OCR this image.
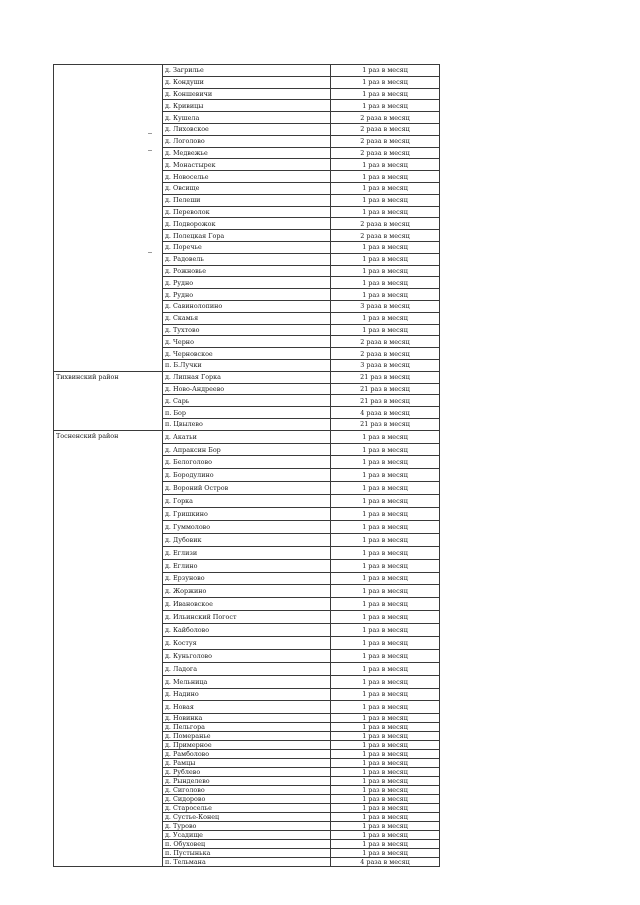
	д. Загрилье	1 раз в месяц
	д. Кондуши	1 раз в месяц
	д. Коншевичи	1 раз в месяц
	д. Кривицы	1 раз в месяц
	д. Кушела	2 раза в месяц
	д. Лиховское	2 раза в месяц
	д. Логолово	2 раза в месяц
	д. Медвежье	2 раза в месяц
	д. Монастырек	1 раз в месяц
	д. Новоселье	1 раз в месяц
	д. Овсище	1 раз в месяц
	д. Пелеши	1 раз в месяц
	д. Переволок	1 раз в месяц
	д. Подворожок	2 раза в месяц
	д. Полецкая Гора	2 раза в месяц
	д. Поречье	1 раз в месяц
	д. Радовель	1 раз в месяц
	д. Рожновье	1 раз в месяц
	д. Рудно	1 раз в месяц
	д. Рудно	1 раз в месяц
	д. Савинолопино	3 раза в месяц
	д. Скамья	1 раз в месяц
	д. Тухтово	1 раз в месяц
	д. Черно	2 раза в месяц
	д. Черновское	2 раза в месяц
	п. Б.Лучки	3 раза в месяц
Тихвинский район	д. Липная Горка	21 раз в месяц
	д. Ново-Андреево	21 раз в месяц
	д. Сарь	21 раз в месяц
	п. Бор	4 раза в месяц
	п. Цвылево	21 раз в месяц
Тосненский район	д. Акатьи	1 раз в месяц
	д. Апраксин Бор	1 раз в месяц
	д. Белоголово	1 раз в месяц
	д. Бородулино	1 раз в месяц
	д. Вороний Остров	1 раз в месяц
	д. Горка	1 раз в месяц
	д. Гришкино	1 раз в месяц
	д. Гуммолово	1 раз в месяц
	д. Дубовик	1 раз в месяц
	д. Еглизи	1 раз в месяц
	д. Еглино	1 раз в месяц
	д. Ерзуново	1 раз в месяц
	д. Жоржино	1 раз в месяц
	д. Ивановское	1 раз в месяц
	д. Ильинский Погост	1 раз в месяц
	д. Кайболово	1 раз в месяц
	д. Костуя	1 раз в месяц
	д. Куньголово	1 раз в месяц
	д. Ладога	1 раз в месяц
	д. Мельница	1 раз в месяц
	д. Надино	1 раз в месяц
	д. Новая	1 раз в месяц
	д. Новинка	1 раз в месяц
	д. Пельгора	1 раз в месяц
	д. Померанье	1 раз в месяц
	д. Примерное	1 раз в месяц
	д. Рамболово	1 раз в месяц
	д. Рамцы	1 раз в месяц
	д. Рублево	1 раз в месяц
	д. Рынделево	1 раз в месяц
	д. Сиголово	1 раз в месяц
	д. Сидорово	1 раз в месяц
	д. Староселье	1 раз в месяц
	д. Сустье-Конец	1 раз в месяц
	д. Турово	1 раз в месяц
	д. Усадище	1 раз в месяц
	п. Обуховец	1 раз в месяц
	п. Пустынька	1 раз в месяц
	п. Тельмана	4 раза в месяц
